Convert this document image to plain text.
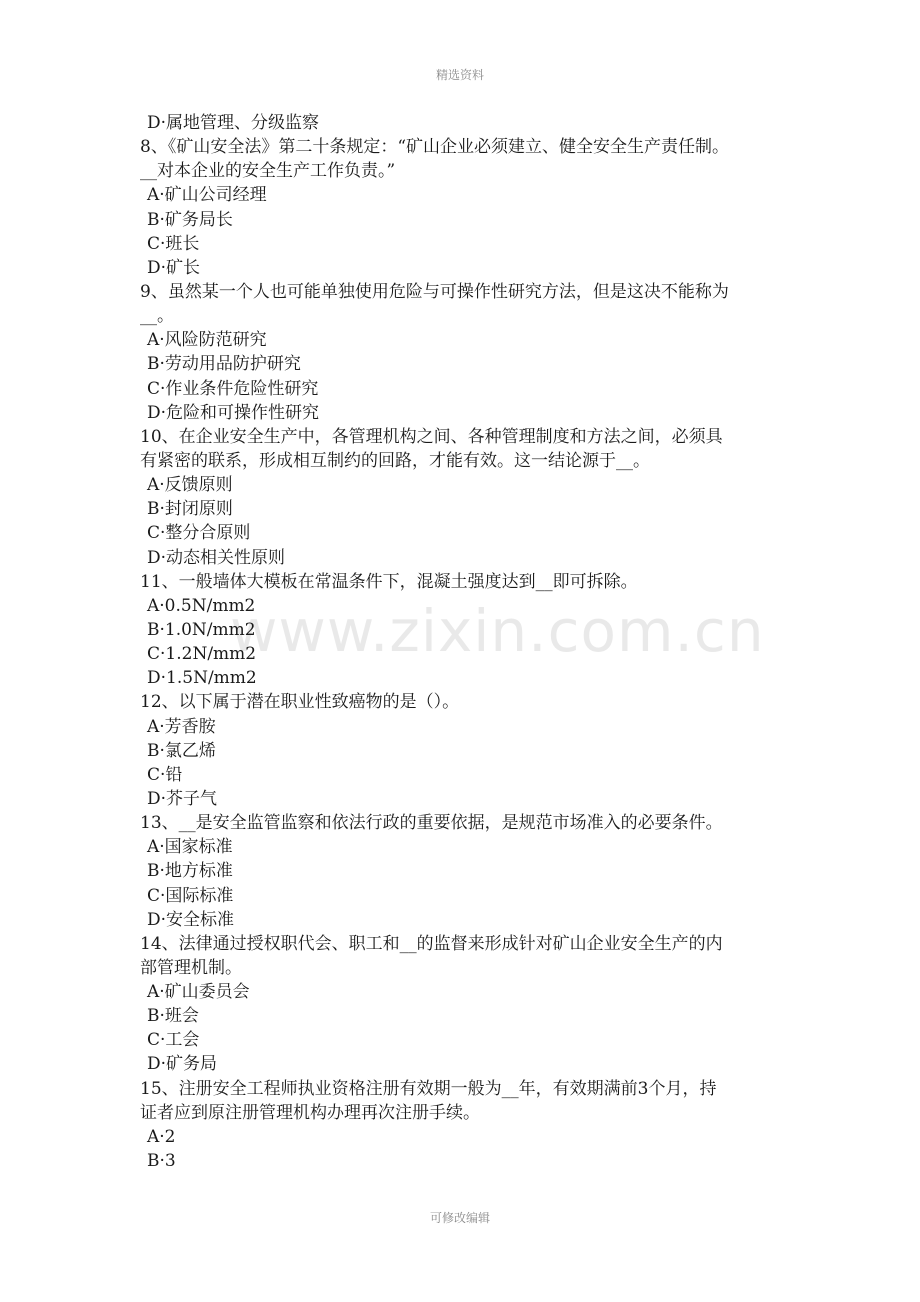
精选资料
www.zixin.com.cn
D·属地管理、分级监察
8、《矿山安全法》第二十条规定：“矿山企业必须建立、健全安全生产责任制。
__对本企业的安全生产工作负责。”
A·矿山公司经理
B·矿务局长
C·班长
D·矿长
9、虽然某一个人也可能单独使用危险与可操作性研究方法，但是这决不能称为
__。
A·风险防范研究
B·劳动用品防护研究
C·作业条件危险性研究
D·危险和可操作性研究
10、在企业安全生产中，各管理机构之间、各种管理制度和方法之间，必须具
有紧密的联系，形成相互制约的回路，才能有效。这一结论源于__。
A·反馈原则
B·封闭原则
C·整分合原则
D·动态相关性原则
11、一般墙体大模板在常温条件下，混凝土强度达到__即可拆除。
A·0.5N/mm2
B·1.0N/mm2
C·1.2N/mm2
D·1.5N/mm2
12、以下属于潜在职业性致癌物的是（）。
A·芳香胺
B·氯乙烯
C·铅
D·芥子气
13、__是安全监管监察和依法行政的重要依据，是规范市场准入的必要条件。
A·国家标准
B·地方标准
C·国际标准
D·安全标准
14、法律通过授权职代会、职工和__的监督来形成针对矿山企业安全生产的内
部管理机制。
A·矿山委员会
B·班会
C·工会
D·矿务局
15、注册安全工程师执业资格注册有效期一般为__年，有效期满前3个月，持
证者应到原注册管理机构办理再次注册手续。
A·2
B·3
可修改编辑
